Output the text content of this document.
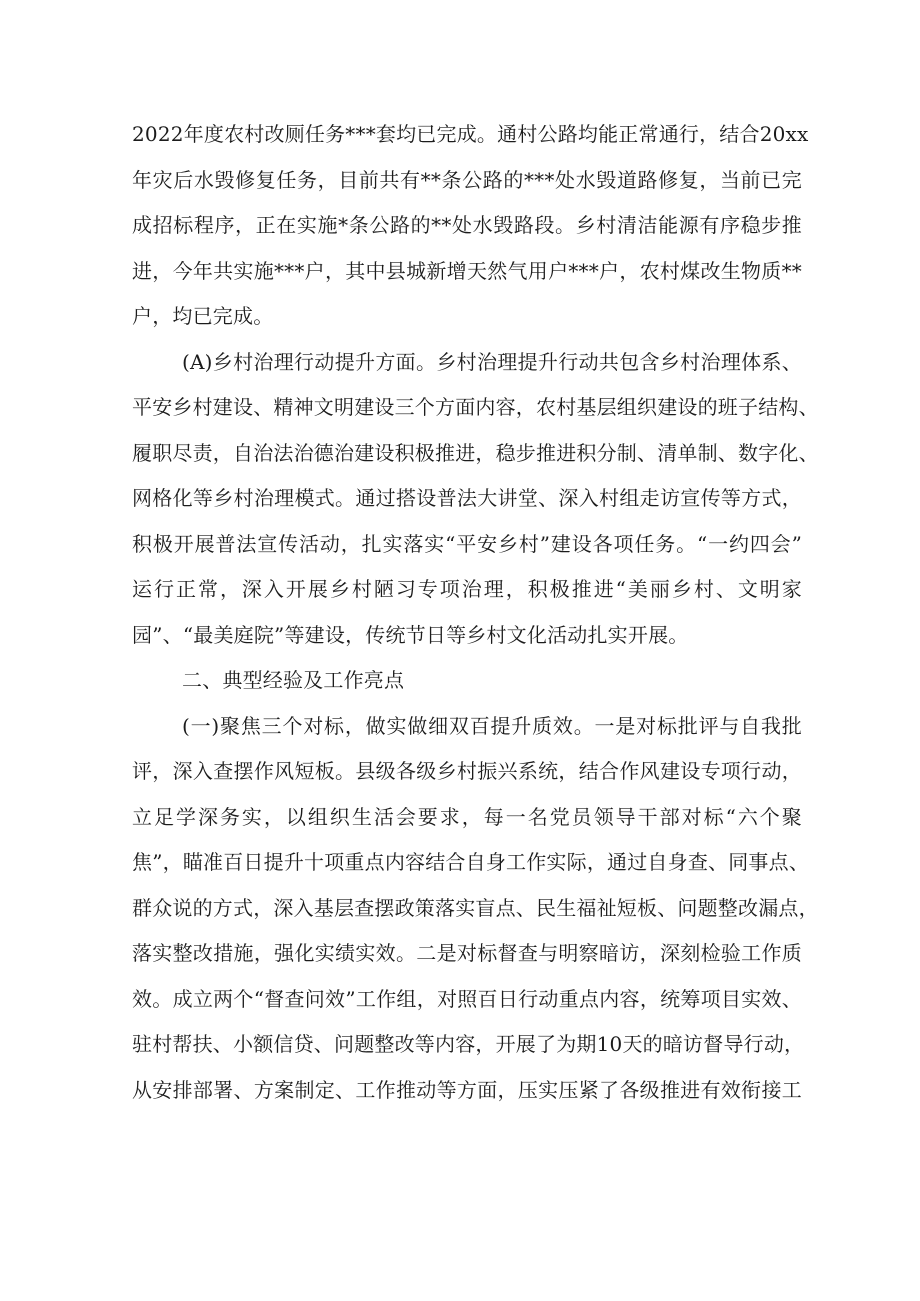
2022年度农村改厕任务***套均已完成。通村公路均能正常通行，结合20xx
年灾后水毁修复任务，目前共有**条公路的***处水毁道路修复，当前已完
成招标程序，正在实施*条公路的**处水毁路段。乡村清洁能源有序稳步推
进，今年共实施***户，其中县城新增天然气用户***户，农村煤改生物质**
户，均已完成。
(A)乡村治理行动提升方面。乡村治理提升行动共包含乡村治理体系、
平安乡村建设、精神文明建设三个方面内容，农村基层组织建设的班子结构、
履职尽责，自治法治德治建设积极推进，稳步推进积分制、清单制、数字化、
网格化等乡村治理模式。通过搭设普法大讲堂、深入村组走访宣传等方式，
积极开展普法宣传活动，扎实落实“平安乡村”建设各项任务。“一约四会”
运行正常，深入开展乡村陋习专项治理，积极推进“美丽乡村、文明家
园”、“最美庭院”等建设，传统节日等乡村文化活动扎实开展。
二、典型经验及工作亮点
(一)聚焦三个对标，做实做细双百提升质效。一是对标批评与自我批
评，深入查摆作风短板。县级各级乡村振兴系统，结合作风建设专项行动，
立足学深务实，以组织生活会要求，每一名党员领导干部对标“六个聚
焦”，瞄准百日提升十项重点内容结合自身工作实际，通过自身查、同事点、
群众说的方式，深入基层查摆政策落实盲点、民生福祉短板、问题整改漏点，
落实整改措施，强化实绩实效。二是对标督查与明察暗访，深刻检验工作质
效。成立两个“督查问效”工作组，对照百日行动重点内容，统筹项目实效、
驻村帮扶、小额信贷、问题整改等内容，开展了为期10天的暗访督导行动，
从安排部署、方案制定、工作推动等方面，压实压紧了各级推进有效衔接工
